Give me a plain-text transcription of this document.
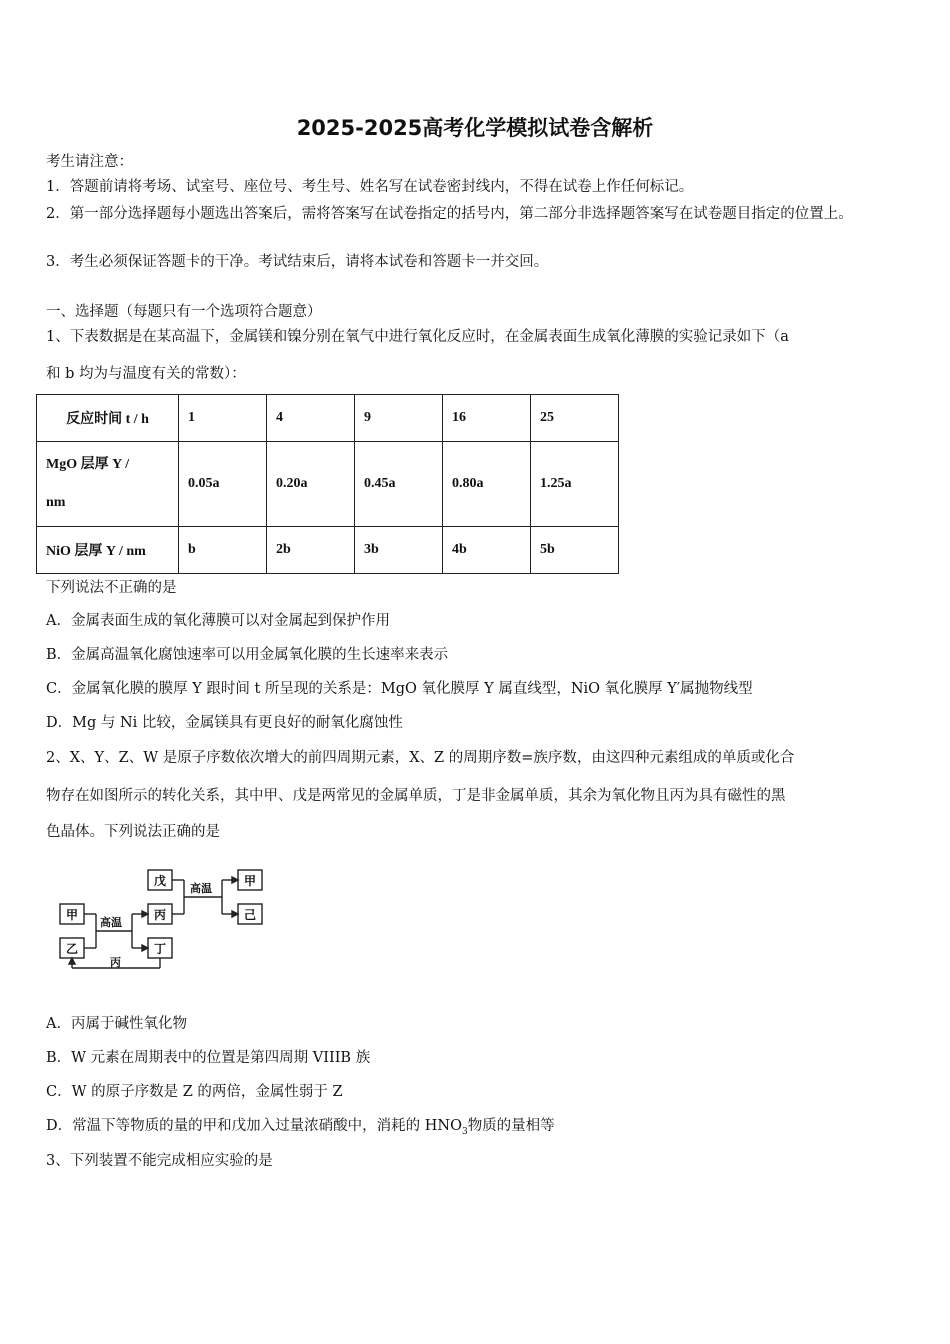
2025-2025高考化学模拟试卷含解析
考生请注意：
1．答题前请将考场、试室号、座位号、考生号、姓名写在试卷密封线内，不得在试卷上作任何标记。
2．第一部分选择题每小题选出答案后，需将答案写在试卷指定的括号内，第二部分非选择题答案写在试卷题目指定的位置上。
3．考生必须保证答题卡的干净。考试结束后，请将本试卷和答题卡一并交回。
一、选择题（每题只有一个选项符合题意）
1、下表数据是在某高温下，金属镁和镍分别在氧气中进行氧化反应时，在金属表面生成氧化薄膜的实验记录如下（a
和 b 均为与温度有关的常数）：
反应时间 t / h	1	4	9	16	25

MgO 层厚 Y /
nm	0.05a	0.20a	0.45a	0.80a	1.25a
NiO 层厚 Y / nm	b	2b	3b	4b	5b
下列说法不正确的是
A．金属表面生成的氧化薄膜可以对金属起到保护作用
B．金属高温氧化腐蚀速率可以用金属氧化膜的生长速率来表示
C．金属氧化膜的膜厚 Y 跟时间 t 所呈现的关系是：MgO 氧化膜厚 Y 属直线型，NiO 氧化膜厚 Y′属抛物线型
D．Mg 与 Ni 比较，金属镁具有更良好的耐氧化腐蚀性
2、X、Y、Z、W 是原子序数依次增大的前四周期元素，X、Z 的周期序数=族序数，由这四种元素组成的单质或化合
物存在如图所示的转化关系，其中甲、戊是两常见的金属单质，丁是非金属单质，其余为氧化物且丙为具有磁性的黑
色晶体。下列说法正确的是
甲
乙
戊
丙
丁
甲
己
高温
高温
丙
A．丙属于碱性氧化物
B．W 元素在周期表中的位置是第四周期 VIIIB 族
C．W 的原子序数是 Z 的两倍，金属性弱于 Z
D．常温下等物质的量的甲和戊加入过量浓硝酸中，消耗的 $HNO_3$物质的量相等
3、下列装置不能完成相应实验的是
